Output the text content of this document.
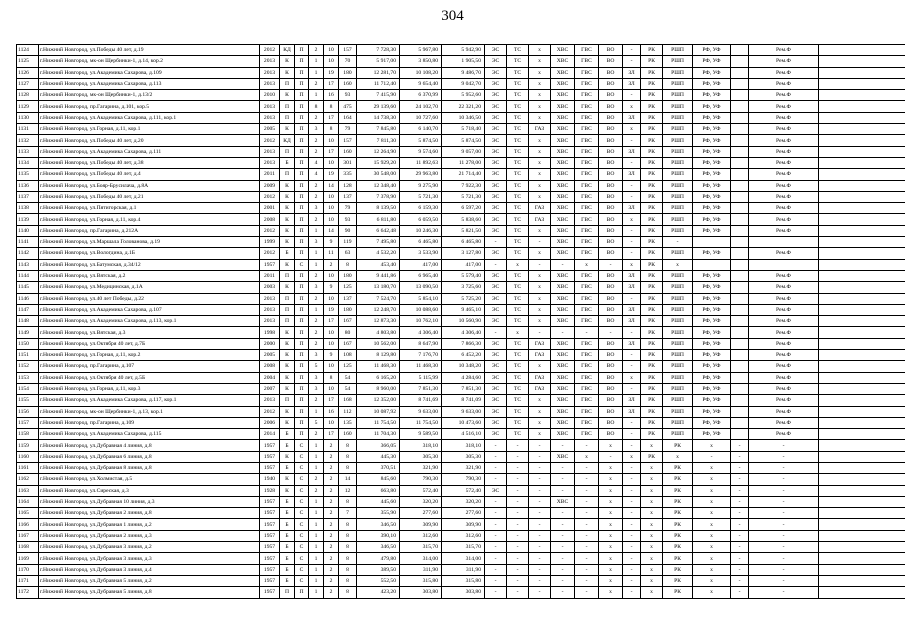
304
1124	г.Нижний Новгород, ул.Победы 40 лет, д.19	2012	КД	П	2	10	157	7 728,30	5 967,80	5 942,90	ЭС	ТС	х	ХВС	ГВС	ВО	-	РК	РШП	РФ, УФ		Рем.Ф	
1125	г.Нижний Новгород, мк-он Щербинки-1, д.14, кор.2	2013	К	П	1	10	70	5 917,00	3 850,80	1 905,50	ЭС	ТС	х	ХВС	ГВС	ВО	-	РК	РШП	РФ, УФ		Рем.Ф	
1126	г.Нижний Новгород, ул.Академика Сахарова, д.109	2013	К	П	1	19	180	12 281,70	10 108,20	9 486,70	ЭС	ТС	х	ХВС	ГВС	ВО	ЗЛ	РК	РШП	РФ, УФ		Рем.Ф	
1127	г.Нижний Новгород, ул.Академика Сахарова, д.113	2013	П	П	2	17	160	11 712,40	9 654,40	9 042,70	ЭС	ТС	х	ХВС	ГВС	ВО	ЗЛ	РК	РШП	РФ, УФ		Рем.Ф	
1128	г.Нижний Новгород, мк-он Щербинки-1, д.13/2	2010	К	П	1	16	93	7 415,90	6 370,99	5 952,60	ЭС	ТС	х	ХВС	ГВС	ВО	-	РК	РШП	РФ, УФ		Рем.Ф	
1129	г.Нижний Новгород, пр.Гагарина, д.101, кор.5	2013	П	П	8	8	475	29 139,60	24 102,70	22 321,20	ЭС	ТС	х	ХВС	ГВС	ВО	х	РК	РШП	РФ, УФ		Рем.Ф	
1130	г.Нижний Новгород, ул.Академика Сахарова, д.111, кор.1	2013	П	П	2	17	164	14 738,30	10 727,60	10 346,50	ЭС	ТС	х	ХВС	ГВС	ВО	ЗЛ	РК	РШП	РФ, УФ		Рем.Ф	
1131	г.Нижний Новгород, ул.Горная, д.11, кор.1	2005	К	П	3	8	79	7 845,80	6 140,70	5 718,40	ЭС	ТС	ГАЗ	ХВС	ГВС	ВО	х	РК	РШП	РФ, УФ		Рем.Ф	
1132	г.Нижний Новгород, ул.Победы 40 лет, д.20	2012	КД	П	2	10	157	7 811,30	5 874,50	5 874,50	ЭС	ТС	х	ХВС	ГВС	ВО	-	РК	РШП	РФ, УФ		Рем.Ф	
1133	г.Нижний Новгород, ул.Академика Сахарова, д.111	2013	П	П	2	17	160	12 264,90	9 574,60	9 057,00	ЭС	ТС	х	ХВС	ГВС	ВО	ЗЛ	РК	РШП	РФ, УФ		Рем.Ф	
1134	г.Нижний Новгород, ул.Победы 40 лет, д.38	2013	Б	П	4	10	301	15 929,20	11 892,63	11 278,00	ЭС	ТС	х	ХВС	ГВС	ВО	-	РК	РШП	РФ, УФ		Рем.Ф	
1135	г.Нижний Новгород, ул.Победы 40 лет, д.4	2011	П	П	4	19	335	30 548,00	29 963,80	21 714,40	ЭС	ТС	х	ХВС	ГВС	ВО	ЗЛ	РК	РШП	РФ, УФ		Рем.Ф	
1136	г.Нижний Новгород, ул.Бояр-Брусилача, д.8А	2009	К	П	2	14	128	12 348,40	9 275,90	7 922,30	ЭС	ТС	х	ХВС	ГВС	ВО	-	РК	РШП	РФ, УФ		Рем.Ф	
1137	г.Нижний Новгород, ул.Победы 40 лет, д.21	2012	К	П	2	10	137	7 378,90	5 721,30	5 721,30	ЭС	ТС	х	ХВС	ГВС	ВО	-	РК	РШП	РФ, УФ		Рем.Ф	
1138	г.Нижний Новгород, ул.Пятигорская, д.1	2001	К	П	3	10	79	8 139,50	6 159,30	6 597,20	ЭС	ТС	ГАЗ	ХВС	ГВС	ВО	ЗЛ	РК	РШП	РФ, УФ		Рем.Ф	
1139	г.Нижний Новгород, ул.Горная, д.11, кор.4	2008	К	П	2	10	93	6 811,80	6 059,50	5 838,60	ЭС	ТС	ГАЗ	ХВС	ГВС	ВО	х	РК	РШП	РФ, УФ		Рем.Ф	
1140	г.Нижний Новгород, пр.Гагарина, д.212А	2012	К	П	1	14	90	6 642,48	10 246,30	5 821,50	ЭС	ТС	х	ХВС	ГВС	ВО	-	РК	РШП	РФ, УФ		Рем.Ф	
1141	г.Нижний Новгород, ул.Маршала Голованова, д.19	1999	К	П	3	9	119	7 495,80	6 465,80	6 465,80	-	ТС	-	ХВС	ГВС	ВО	-	РК	-				
1142	г.Нижний Новгород, ул.Вологдина, д.1Б	2012	Б	П	1	11	63	4 532,20	3 533,90	3 127,80	ЭС	ТС	х	ХВС	ГВС	ВО	-	РК	РШП	РФ, УФ		Рем.Ф	
1143	г.Нижний Новгород, ул.Батумская, д.34/12	1957	К	С	1	2	8	453,40	417,00	417,00	-	х	-	-	х	-	х	РК	х				
1144	г.Нижний Новгород, ул.Вятская, д.2	2011	П	П	2	10	180	9 441,86	6 965,40	5 579,40	ЭС	ТС	х	ХВС	ГВС	ВО	ЗЛ	РК	РШП	РФ, УФ		Рем.Ф	
1145	г.Нижний Новгород, ул.Медицинская, д.1А	2003	К	П	3	9	125	13 180,70	13 090,50	3 725,60	ЭС	ТС	х	ХВС	ГВС	ВО	ЗЛ	РК	РШП	РФ, УФ		Рем.Ф	
1146	г.Нижний Новгород, ул.40 лет Победы, д.22	2013	П	П	2	10	137	7 524,70	5 854,10	5 725,20	ЭС	ТС	х	ХВС	ГВС	ВО	-	РК	РШП	РФ, УФ		Рем.Ф	
1147	г.Нижний Новгород, ул.Академика Сахарова, д.107	2013	П	П	1	19	180	12 248,70	10 088,60	9 465,10	ЭС	ТС	х	ХВС	ГВС	ВО	ЗЛ	РК	РШП	РФ, УФ		Рем.Ф	
1148	г.Нижний Новгород, ул.Академика Сахарова, д.113, кор.1	2013	П	П	2	17	167	12 873,30	10 762,10	10 560,90	ЭС	ТС	х	ХВС	ГВС	ВО	ЗЛ	РК	РШП	РФ, УФ		Рем.Ф	
1149	г.Нижний Новгород, ул.Вятская, д.3	1998	К	П	2	10	80	4 803,80	4 306,40	4 306,40	-	х	-	-	-	-	-	РК	РШП	РФ, УФ		Рем.Ф	
1150	г.Нижний Новгород, ул.Октября 40 лет, д.7Б	2000	К	П	2	10	167	10 562,00	8 647,90	7 866,30	ЭС	ТС	ГАЗ	ХВС	ГВС	ВО	ЗЛ	РК	РШП	РФ, УФ		Рем.Ф	
1151	г.Нижний Новгород, ул.Горная, д.11, кор.2	2005	К	П	3	9	108	8 129,80	7 176,70	6 452,20	ЭС	ТС	ГАЗ	ХВС	ГВС	ВО	-	РК	РШП	РФ, УФ		Рем.Ф	
1152	г.Нижний Новгород, пр.Гагарина, д.107	2008	К	П	5	10	125	11 468,30	11 468,30	10 348,20	ЭС	ТС	х	ХВС	ГВС	ВО	-	РК	РШП	РФ, УФ		Рем.Ф	
1153	г.Нижний Новгород, ул.Октября 40 лет, д.5Б	2004	К	П	3	8	54	6 165,20	5 115,99	4 284,60	ЭС	ТС	ГАЗ	ХВС	ГВС	ВО	х	РК	РШП	РФ, УФ		Рем.Ф	
1154	г.Нижний Новгород, ул.Горная, д.11, кор.3	2007	К	П	3	10	54	8 960,00	7 851,30	7 851,30	ЭС	ТС	ГАЗ	ХВС	ГВС	ВО	-	РК	РШП	РФ, УФ		Рем.Ф	
1155	г.Нижний Новгород, ул.Академика Сахарова, д.117, кор.1	2013	П	П	2	17	168	12 352,00	8 741,69	8 741,09	ЭС	ТС	х	ХВС	ГВС	ВО	ЗЛ	РК	РШП	РФ, УФ		Рем.Ф	
1156	г.Нижний Новгород, мк-он Щербинки-1, д.13, кор.1	2012	К	П	1	16	112	10 087,92	9 633,00	9 633,00	ЭС	ТС	х	ХВС	ГВС	ВО	ЗЛ	РК	РШП	РФ, УФ		Рем.Ф	
1157	г.Нижний Новгород, пр.Гагарина, д.109	2006	К	П	5	10	135	11 754,50	11 754,50	10 473,60	ЭС	ТС	х	ХВС	ГВС	ВО	-	РК	РШП	РФ, УФ		Рем.Ф	
1158	г.Нижний Новгород, ул.Академика Сахарова, д.115	2014	Б	П	2	17	160	11 704,30	9 589,50	4 516,10	ЭС	ТС	х	ХВС	ГВС	ВО	-	РК	РШП	РФ, УФ		Рем.Ф	
1159	г.Нижний Новгород, ул.Дубравная 4 линия, д.8	1957	Б	С	1	2	8	366,05	318,10	318,10	-	-	-	-	-	х	-	х	РК	х	-	-	
1160	г.Нижний Новгород, ул.Дубравная 6 линия, д.8	1957	К	С	1	2	8	445,30	305,30	305,30	-	-	-	ХВС	х	-	х	РК	х	-	-	-	
1161	г.Нижний Новгород, ул.Дубравная 8 линия, д.8	1957	Б	С	1	2	8	370,51	321,90	321,90	-	-	-	-	-	х	-	х	РК	х	-	-	
1162	г.Нижний Новгород, ул.Холмистая, д.5	1940	К	С	2	2	14	845,60	790,30	790,30	-	-	-	-	-	х	-	х	РК	х	-	-	
1163	г.Нижний Новгород, ул.Сиреская, д.3	1928	К	С	2	2	12	663,80	572,40	572,40	ЭС	-	-	-	-	х	-	х	РК	х	-	-	
1164	г.Нижний Новгород, ул.Дубравная 10 линия, д.3	1957	Б	С	1	2	8	445,60	320,20	320,20	-	-	-	ХВС	-	х	-	х	РК	х	-	-	
1165	г.Нижний Новгород, ул.Дубравная 2 линия, д.8	1957	Б	С	1	2	7	355,90	277,60	277,60	-	-	-	-	-	х	-	х	РК	х	-	-	
1166	г.Нижний Новгород, ул.Дубравная 1 линия, д.2	1957	Б	С	1	2	8	346,50	309,90	309,90	-	-	-	-	-	х	-	х	РК	х	-	-	
1167	г.Нижний Новгород, ул.Дубравная 2 линия, д.3	1957	Б	С	1	2	8	390,10	312,60	312,60	-	-	-	-	-	х	-	х	РК	х	-	-	
1168	г.Нижний Новгород, ул.Дубравная 3 линия, д.2	1957	Б	С	1	2	8	346,50	315,70	315,70	-	-	-	-	-	х	-	х	РК	х	-	-	
1169	г.Нижний Новгород, ул.Дубравная 3 линия, д.3	1957	Б	С	1	2	8	479,80	314,00	314,00	-	-	-	-	-	х	-	х	РК	х	-	-	
1170	г.Нижний Новгород, ул.Дубравная 3 линия, д.4	1957	Б	С	1	2	8	389,50	311,90	311,90	-	-	-	-	-	х	-	х	РК	х	-	-	
1171	г.Нижний Новгород, ул.Дубравная 5 линия, д.2	1957	Б	С	1	2	8	552,50	315,80	315,80	-	-	-	-	-	х	-	х	РК	х	-	-	
1172	г.Нижний Новгород, ул.Дубравная 5 линия, д.8	1957	П	П	1	2	8	423,20	303,80	303,80	-	-	-	-	-	х	-	х	РК	х	-	-	
